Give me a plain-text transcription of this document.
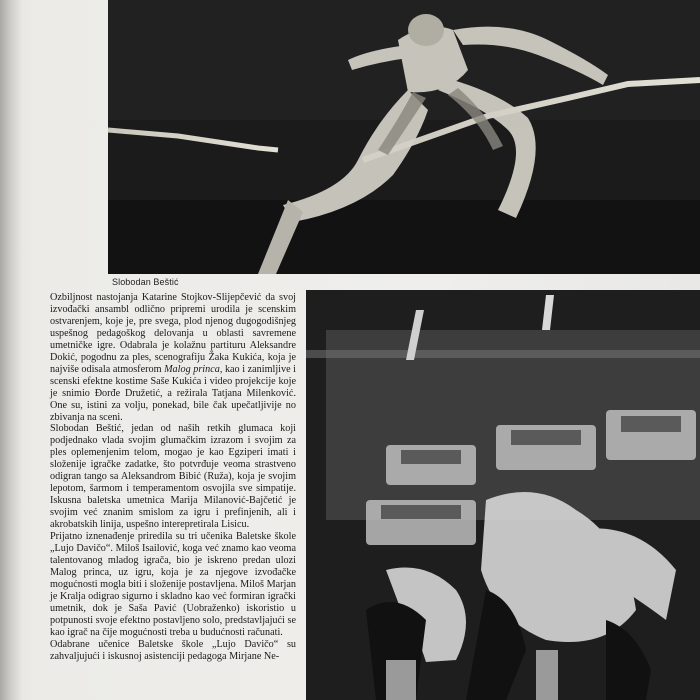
Slobodan Beštić

Ozbiljnost nastojanja Katarine Stojkov-Slijepčević da svoj izvođački ansambl odlično pripremi urodila je scenskim ostvarenjem, koje je, pre svega, plod njenog dugogodišnjeg uspešnog pedagoškog delovanja u oblasti savremene umetničke igre. Odabrala je kolažnu partituru Aleksandre Dokić, pogodnu za ples, scenografiju Žaka Kukića, koja je najviše odisala atmosferom Malog princa, kao i zanimljive i scenski efektne kostime Saše Kukića i video projekcije koje je snimio Đorđe Družetić, a režirala Tatjana Milenković. One su, istini za volju, ponekad, bile čak upečatljivije no zbivanja na sceni.

Slobodan Beštić, jedan od naših retkih glumaca koji podjednako vlada svojim glumačkim izrazom i svojim za ples oplemenjenim telom, mogao je kao Egziperi imati i složenije igračke zadatke, što potvrđuje veoma strastveno odigran tango sa Aleksandrom Bibić (Ruža), koja je svojim lepotom, šarmom i temperamentom osvojila sve simpatije. Iskusna baletska umetnica Marija Milanović-Bajčetić je svojim već znanim smislom za igru i prefinjenih, ali i akrobatskih linija, uspešno interepretirala Lisicu.

Prijatno iznenađenje priredila su tri učenika Baletske škole „Lujo Davičo“. Miloš Isailović, koga već znamo kao veoma talentovanog mladog igrača, bio je iskreno predan ulozi Malog princa, uz igru, koja je za njegove izvođačke mogućnosti mogla biti i složenije postavljena. Miloš Marjan je Kralja odigrao sigurno i skladno kao već formiran igrački umetnik, dok je Saša Pavić (Uobraženko) iskoristio u potpunosti svoje efektno postavljeno solo, predstavljajući se kao igrač na čije mogućnosti treba u budućnosti računati.

Odabrane učenice Baletske škole „Lujo Davičo“ su zahvaljujući i iskusnoj asistenciji pedagoga Mirjane Ne-
